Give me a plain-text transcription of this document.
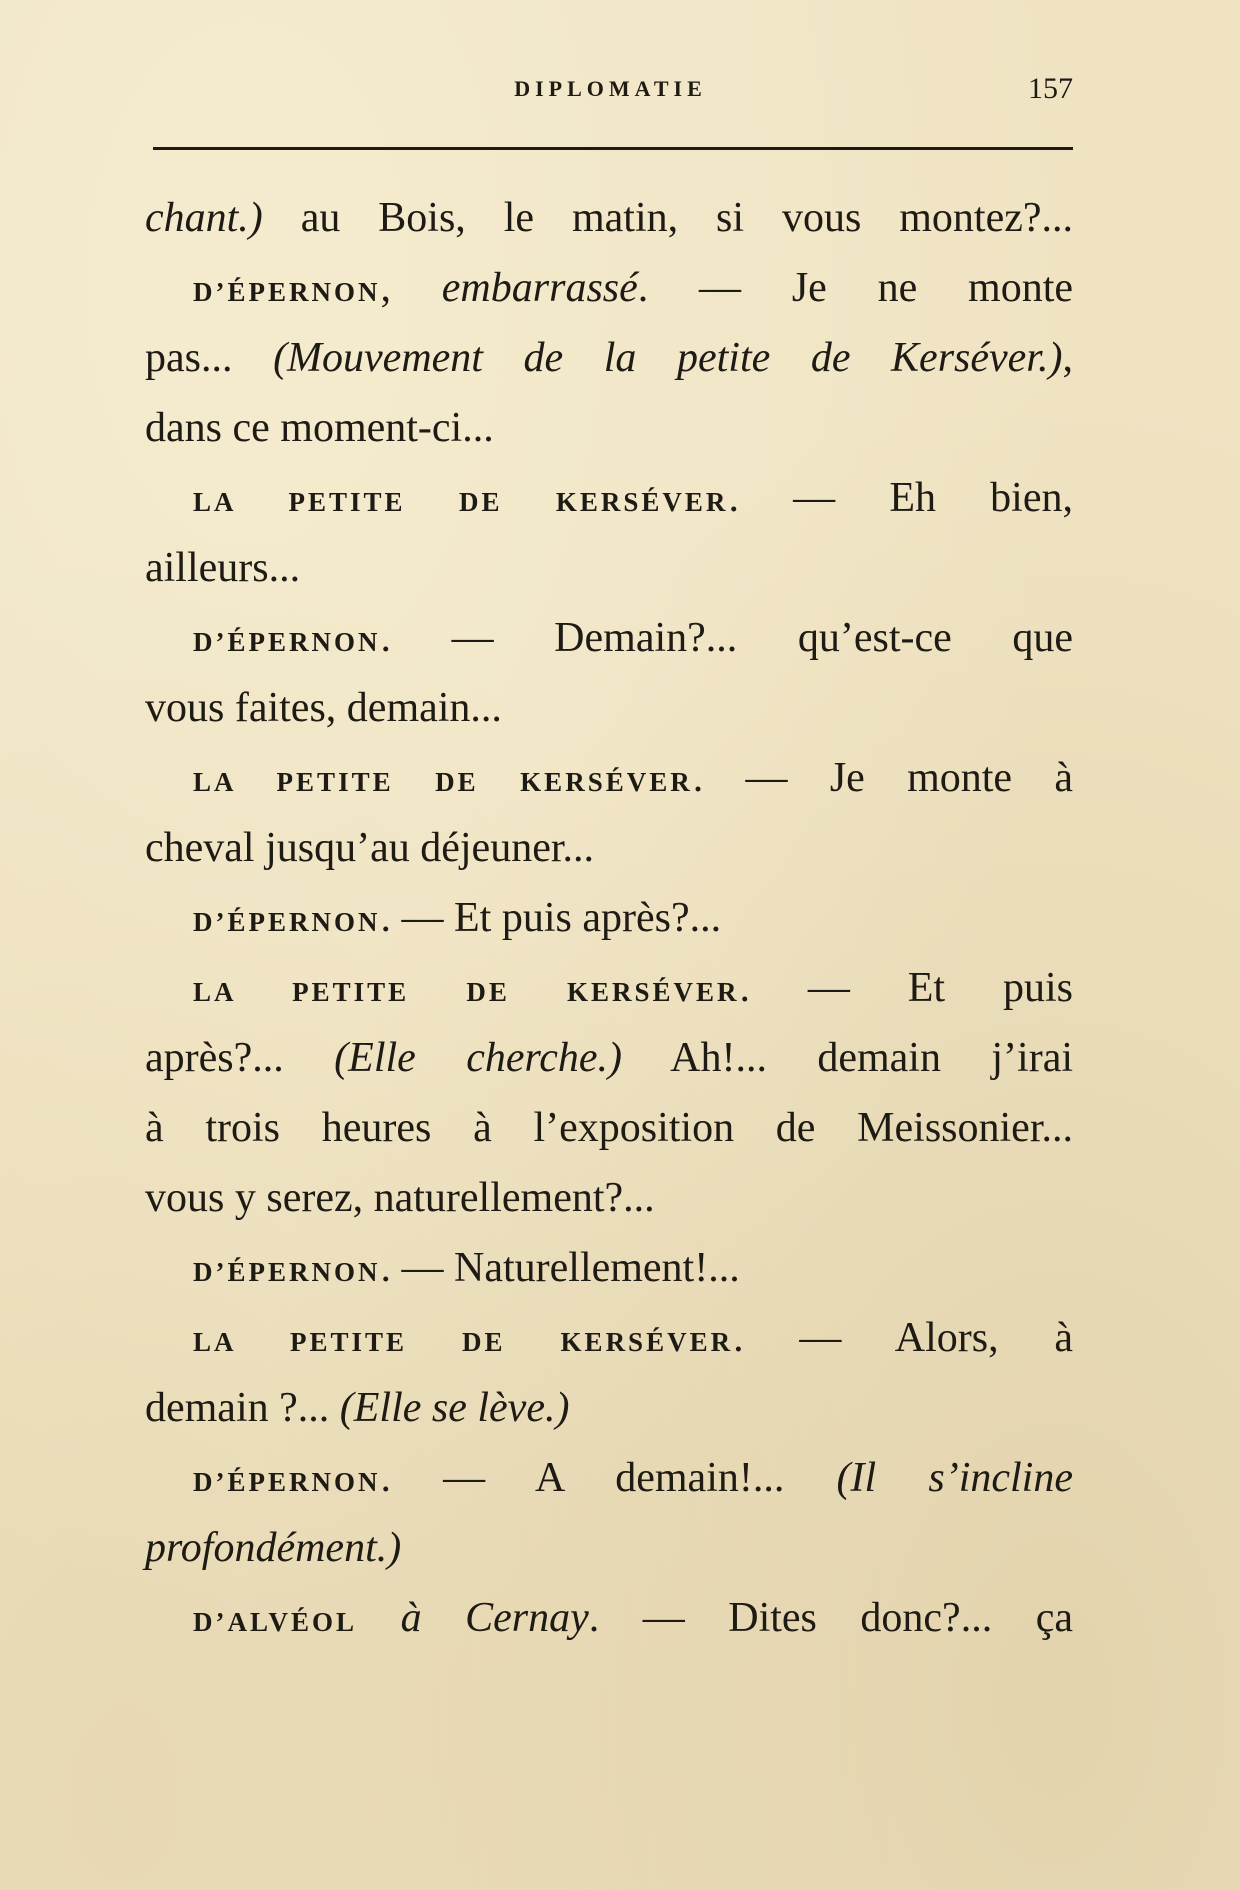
DIPLOMATIE	157
chant.) au Bois, le matin, si vous montez?...
D’ÉPERNON, embarrassé. — Je ne monte
pas... (Mouvement de la petite de Kerséver.),
dans ce moment-ci...
LA PETITE DE KERSÉVER. — Eh bien,
ailleurs...
D’ÉPERNON. — Demain?... qu’est-ce que
vous faites, demain...
LA PETITE DE KERSÉVER. — Je monte à
cheval jusqu’au déjeuner...
D’ÉPERNON. — Et puis après?...
LA PETITE DE KERSÉVER. — Et puis
après?... (Elle cherche.) Ah!... demain j’irai
à trois heures à l’exposition de Meissonier...
vous y serez, naturellement?...
D’ÉPERNON. — Naturellement!...
LA PETITE DE KERSÉVER. — Alors, à
demain ?... (Elle se lève.)
D’ÉPERNON. — A demain!... (Il s’incline
profondément.)
D’ALVÉOL à Cernay. — Dites donc?... ça
